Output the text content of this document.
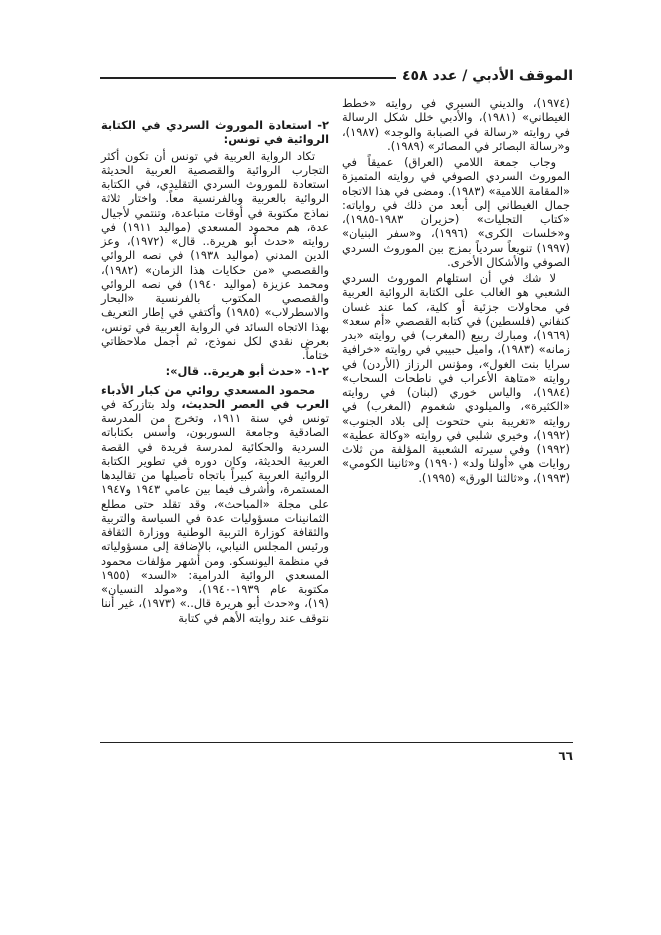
الموقف الأدبي / عدد ٤٥٨

(١٩٧٤)، والديني السيري في روايته «خطط الغيطاني» (١٩٨١)، والأدبي خلل شكل الرسالة في روايته «رسالة في الصبابة والوجد» (١٩٨٧)، و«رسالة البصائر في المصائر» (١٩٨٩).

وجاب جمعة اللامي (العراق) عميقاً في الموروث السردي الصوفي في روايته المتميزة «المقامة اللامية» (١٩٨٣). ومضى في هذا الاتجاه جمال الغيطاني إلى أبعد من ذلك في رواياته: «كتاب التجليات» (حزيران ١٩٨٣-١٩٨٥)، و«خلسات الكرى» (١٩٩٦)، و«سفر البنيان» (١٩٩٧) تنويعاً سردياً بمزج بين الموروث السردي الصوفي والأشكال الأخرى.

لا شك في أن استلهام الموروث السردي الشعبي هو الغالب على الكتابة الروائية العربية في محاولات جزئية أو كلية، كما عند غسان كنفاني (فلسطين) في كتابه القصصي «أم سعد» (١٩٦٩)، ومبارك ربيع (المغرب) في روايته «بدر زمانه» (١٩٨٣)، واميل حبيبي في روايته «خرافية سرايا بنت الغول»، ومؤنس الرزاز (الأردن) في روايته «متاهة الأعراب في ناطحات السحاب» (١٩٨٤)، والياس خوري (لبنان) في روايته «الكثيرة»، والميلودي شغموم (المغرب) في روايته «تغريبة بني حتحوت إلى بلاد الجنوب» (١٩٩٢)، وخيري شلبي في روايته «وكالة عطية» (١٩٩٢) وفي سيرته الشعبية المؤلفة من ثلاث روايات هي «أولنا ولد» (١٩٩٠) و«ثانينا الكومي» (١٩٩٣)، و«ثالثنا الورق» (١٩٩٥).

٢- استعادة الموروث السردي في الكتابة الروائية في تونس:

تكاد الرواية العربية في تونس أن تكون أكثر التجارب الروائية والقصصية العربية الحديثة استعادة للموروث السردي التقليدي، في الكتابة الروائية بالعربية وبالفرنسية معاً. واختار ثلاثة نماذج مكتوبة في أوقات متباعدة، وتنتمي لأجيال عدة، هم محمود المسعدي (مواليد ١٩١١) في روايته «حدث أبو هريرة.. قال» (١٩٧٢)، وعز الدين المدني (مواليد ١٩٣٨) في نصه الروائي والقصصي «من حكايات هذا الزمان» (١٩٨٢)، ومحمد عزيزة (مواليد ١٩٤٠) في نصه الروائي والقصصي المكتوب بالفرنسية «البحار والاسطرلاب» (١٩٨٥) وأكتفي في إطار التعريف بهذا الاتجاه السائد في الرواية العربية في تونس، بعرض نقدي لكل نموذج، ثم أجمل ملاحظاتي ختاماً.

٢-١- «حدث أبو هريرة.. قال»:

محمود المسعدي روائي من كبار الأدباء العرب في العصر الحديث، ولد بتازركة في تونس في سنة ١٩١١، وتخرج من المدرسة الصادقية وجامعة السوربون، وأسس بكتاباته السردية والحكائية لمدرسة فريدة في القصة العربية الحديثة، وكان دوره في تطوير الكتابة الروائية العربية كبيراً باتجاه تأصيلها من تقاليدها المستمرة، وأشرف فيما بين عامي ١٩٤٣ و١٩٤٧ على مجلة «المباحث»، وقد تقلد حتى مطلع الثمانينات مسؤوليات عدة في السياسة والتربية والثقافة كوزارة التربية الوطنية ووزارة الثقافة ورئيس المجلس النيابي، بالإضافة إلى مسؤولياته في منظمة اليونسكو. ومن أشهر مؤلفات محمود المسعدي الروائية الدرامية: «السد» (١٩٥٥ مكتوبة عام ١٩٣٩-١٩٤٠)، و«مولد النسيان» (١٩)، و«حدث أبو هريرة قال..» (١٩٧٣)، غير أننا نتوقف عند روايته الأهم في كتابة

٦٦
